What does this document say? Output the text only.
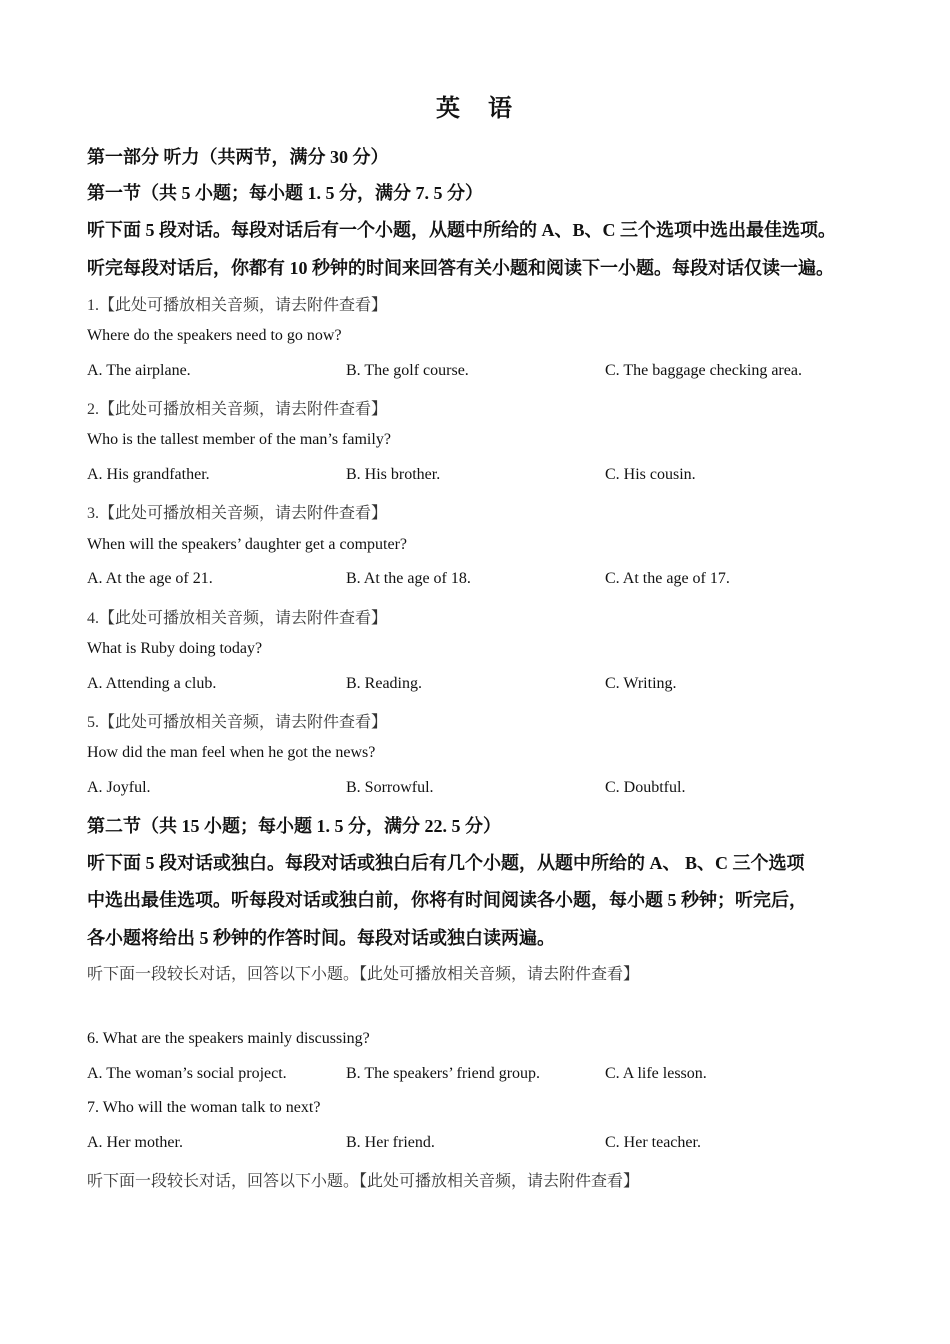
英 语
第一部分 听力（共两节，满分 30 分）
第一节（共 5 小题；每小题 1. 5 分，满分 7. 5 分）
听下面 5 段对话。每段对话后有一个小题，从题中所给的 A、B、C 三个选项中选出最佳选项。
听完每段对话后，你都有 10 秒钟的时间来回答有关小题和阅读下一小题。每段对话仅读一遍。
1.【此处可播放相关音频，请去附件查看】
Where do the speakers need to go now?
A. The airplane.	B. The golf course.	C. The baggage checking area.
2.【此处可播放相关音频，请去附件查看】
Who is the tallest member of the man’s family?
A. His grandfather.	B. His brother.	C. His cousin.
3.【此处可播放相关音频，请去附件查看】
When will the speakers’ daughter get a computer?
A. At the age of 21.	B. At the age of 18.	C. At the age of 17.
4.【此处可播放相关音频，请去附件查看】
What is Ruby doing today?
A. Attending a club.	B. Reading.	C. Writing.
5.【此处可播放相关音频，请去附件查看】
How did the man feel when he got the news?
A. Joyful.	B. Sorrowful.	C. Doubtful.
第二节（共 15 小题；每小题 1. 5 分，满分 22. 5 分）
听下面 5 段对话或独白。每段对话或独白后有几个小题，从题中所给的 A、 B、C 三个选项
中选出最佳选项。听每段对话或独白前，你将有时间阅读各小题，每小题 5 秒钟；听完后，
各小题将给出 5 秒钟的作答时间。每段对话或独白读两遍。
听下面一段较长对话，回答以下小题。【此处可播放相关音频，请去附件查看】
6. What are the speakers mainly discussing?
A. The woman’s social project.	B. The speakers’ friend group.	C. A life lesson.
7. Who will the woman talk to next?
A. Her mother.	B. Her friend.	C. Her teacher.
听下面一段较长对话，回答以下小题。【此处可播放相关音频，请去附件查看】
